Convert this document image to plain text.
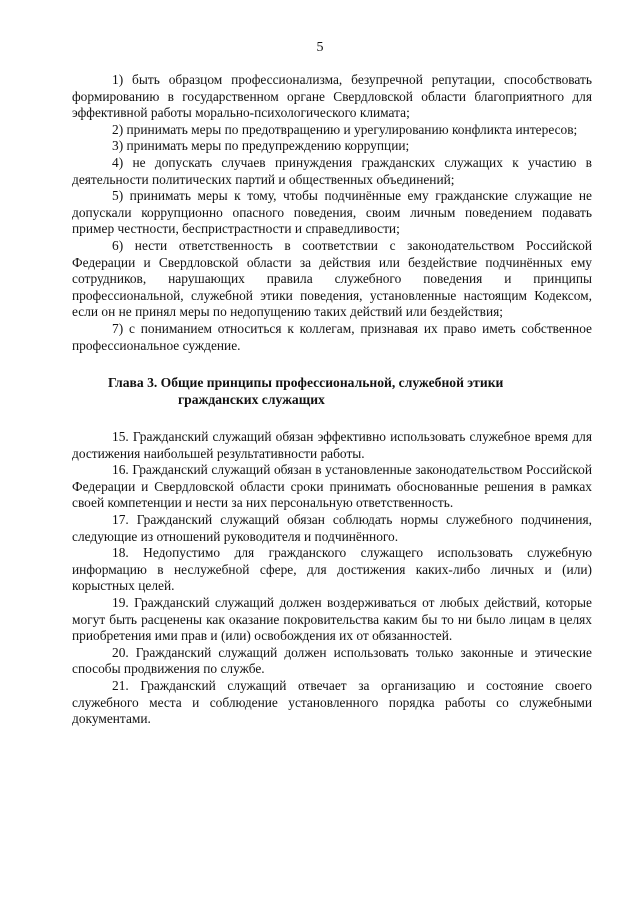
5

1) быть образцом профессионализма, безупречной репутации, способствовать формированию в государственном органе Свердловской области благоприятного для эффективной работы морально-психологического климата;

2) принимать меры по предотвращению и урегулированию конфликта интересов;

3) принимать меры по предупреждению коррупции;

4) не допускать случаев принуждения гражданских служащих к участию в деятельности политических партий и общественных объединений;

5) принимать меры к тому, чтобы подчинённые ему гражданские служащие не допускали коррупционно опасного поведения, своим личным поведением подавать пример честности, беспристрастности и справедливости;

6) нести ответственность в соответствии с законодательством Российской Федерации и Свердловской области за действия или бездействие подчинённых ему сотрудников, нарушающих правила служебного поведения и принципы профессиональной, служебной этики поведения, установленные настоящим Кодексом, если он не принял меры по недопущению таких действий или бездействия;

7) с пониманием относиться к коллегам, признавая их право иметь собственное профессиональное суждение.

Глава 3. Общие принципы профессиональной, служебной этики
гражданских служащих

15. Гражданский служащий обязан эффективно использовать служебное время для достижения наибольшей результативности работы.

16. Гражданский служащий обязан в установленные законодательством Российской Федерации и Свердловской области сроки принимать обоснованные решения в рамках своей компетенции и нести за них персональную ответственность.

17. Гражданский служащий обязан соблюдать нормы служебного подчинения, следующие из отношений руководителя и подчинённого.

18. Недопустимо для гражданского служащего использовать служебную информацию в неслужебной сфере, для достижения каких-либо личных и (или) корыстных целей.

19. Гражданский служащий должен воздерживаться от любых действий, которые могут быть расценены как оказание покровительства каким бы то ни было лицам в целях приобретения ими прав и (или) освобождения их от обязанностей.

20. Гражданский служащий должен использовать только законные и этические способы продвижения по службе.

21. Гражданский служащий отвечает за организацию и состояние своего служебного места и соблюдение установленного порядка работы со служебными документами.
